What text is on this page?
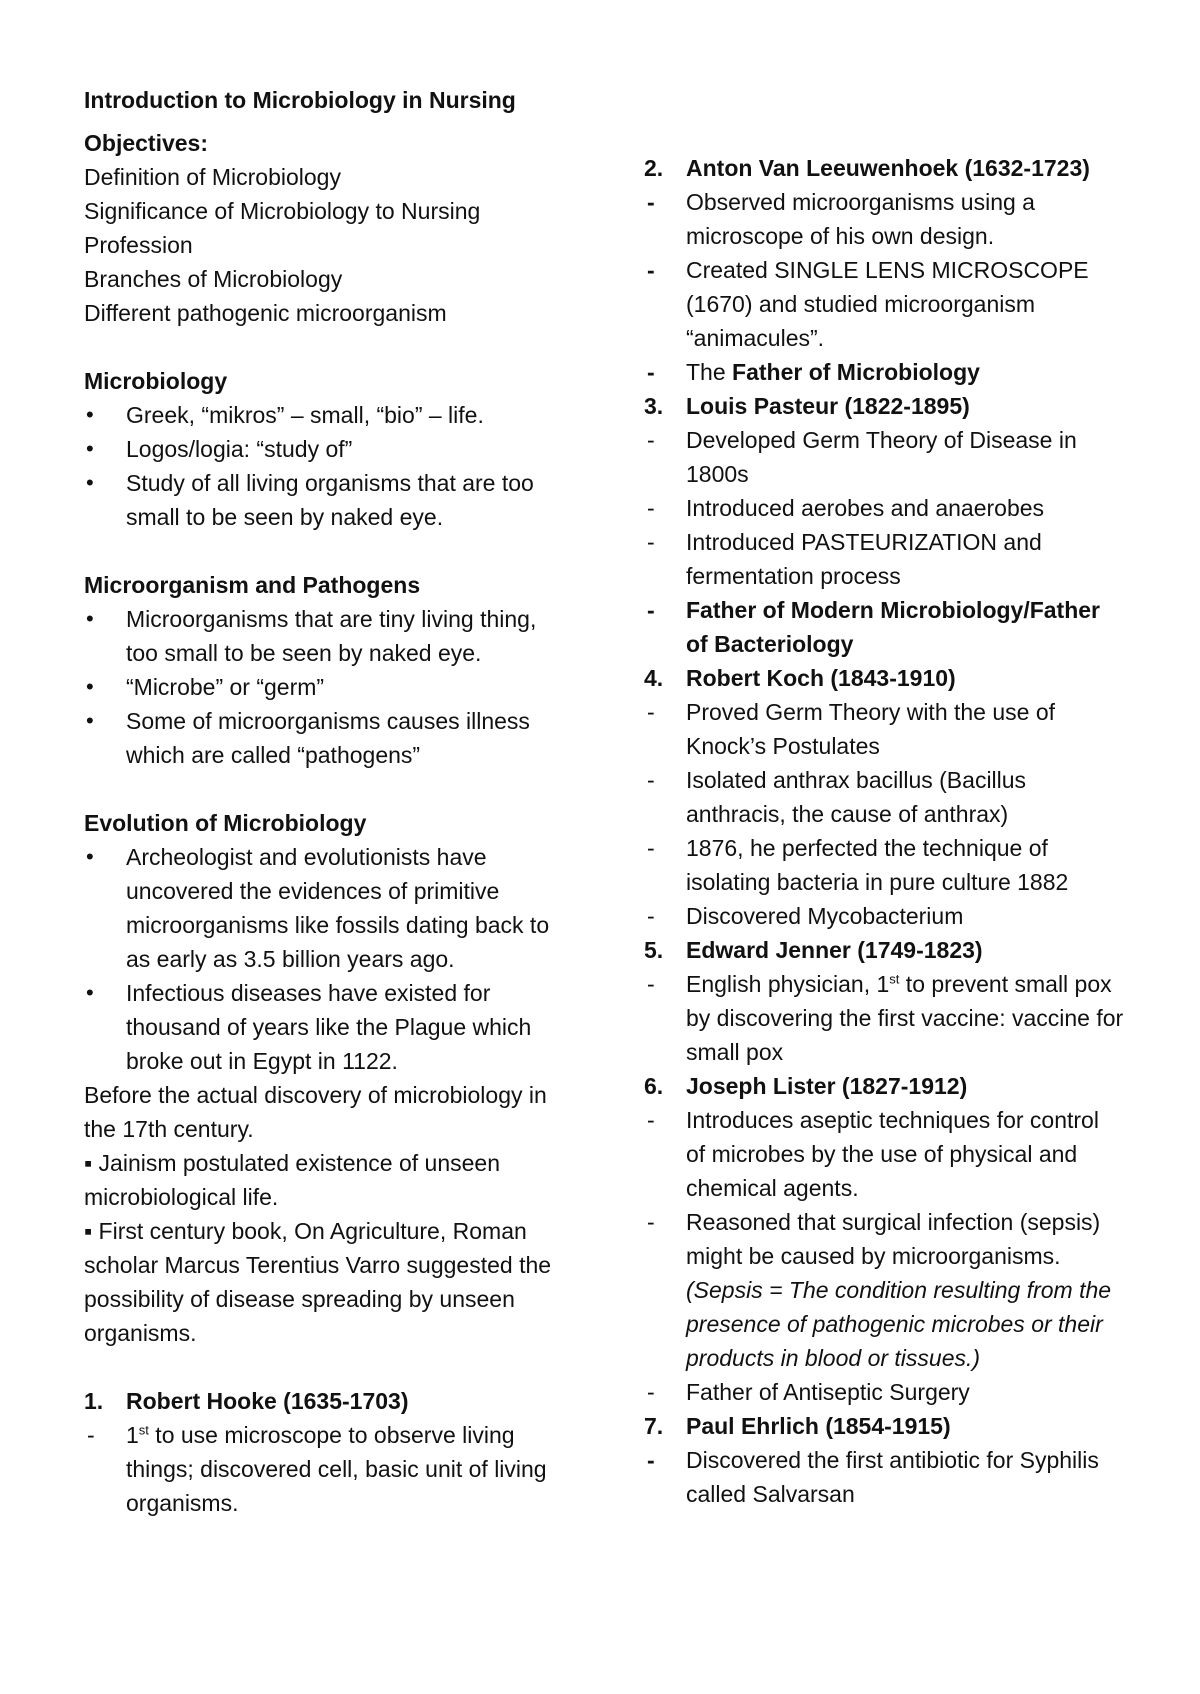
Introduction to Microbiology in Nursing
Objectives:
Definition of Microbiology
Significance of Microbiology to Nursing Profession
Branches of Microbiology
Different pathogenic microorganism
Microbiology
• Greek, “mikros” – small, “bio” – life.
• Logos/logia: “study of”
• Study of all living organisms that are too small to be seen by naked eye.
Microorganism and Pathogens
• Microorganisms that are tiny living thing, too small to be seen by naked eye.
• “Microbe” or “germ”
• Some of microorganisms causes illness which are called “pathogens”
Evolution of Microbiology
• Archeologist and evolutionists have uncovered the evidences of primitive microorganisms like fossils dating back to as early as 3.5 billion years ago.
• Infectious diseases have existed for thousand of years like the Plague which broke out in Egypt in 1122.
Before the actual discovery of microbiology in the 17th century.
▪ Jainism postulated existence of unseen microbiological life.
▪ First century book, On Agriculture, Roman scholar Marcus Terentius Varro suggested the possibility of disease spreading by unseen organisms.
1. Robert Hooke (1635-1703)
- 1st to use microscope to observe living things; discovered cell, basic unit of living organisms.
2. Anton Van Leeuwenhoek (1632-1723)
- Observed microorganisms using a microscope of his own design.
- Created SINGLE LENS MICROSCOPE (1670) and studied microorganism “animacules”.
- The Father of Microbiology
3. Louis Pasteur (1822-1895)
- Developed Germ Theory of Disease in 1800s
- Introduced aerobes and anaerobes
- Introduced PASTEURIZATION and fermentation process
- Father of Modern Microbiology/Father of Bacteriology
4. Robert Koch (1843-1910)
- Proved Germ Theory with the use of Knock’s Postulates
- Isolated anthrax bacillus (Bacillus anthracis, the cause of anthrax)
- 1876, he perfected the technique of isolating bacteria in pure culture 1882
- Discovered Mycobacterium
5. Edward Jenner (1749-1823)
- English physician, 1st to prevent small pox by discovering the first vaccine: vaccine for small pox
6. Joseph Lister (1827-1912)
- Introduces aseptic techniques for control of microbes by the use of physical and chemical agents.
- Reasoned that surgical infection (sepsis) might be caused by microorganisms. (Sepsis = The condition resulting from the presence of pathogenic microbes or their products in blood or tissues.)
- Father of Antiseptic Surgery
7. Paul Ehrlich (1854-1915)
- Discovered the first antibiotic for Syphilis called Salvarsan
